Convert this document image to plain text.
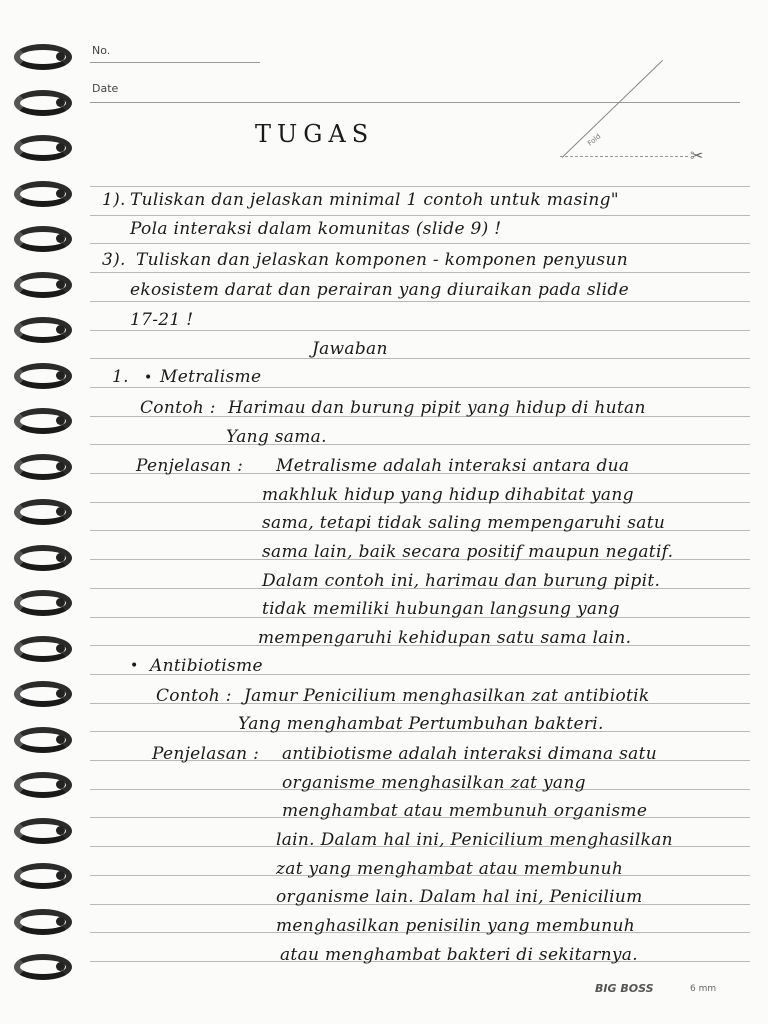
No.
Date
Fold
✂
TUGAS
1). Tuliskan dan jelaskan minimal 1 contoh untuk masing"
Pola interaksi dalam komunitas (slide 9) !
3). Tuliskan dan jelaskan komponen - komponen penyusun
ekosistem darat dan perairan yang diuraikan pada slide
17-21 !
Jawaban
1. • Metralisme
Contoh : Harimau dan burung pipit yang hidup di hutan
Yang sama.
Penjelasan : Metralisme adalah interaksi antara dua
makhluk hidup yang hidup dihabitat yang
sama, tetapi tidak saling mempengaruhi satu
sama lain, baik secara positif maupun negatif.
Dalam contoh ini, harimau dan burung pipit.
tidak memiliki hubungan langsung yang
mempengaruhi kehidupan satu sama lain.
• Antibiotisme
Contoh : Jamur Penicilium menghasilkan zat antibiotik
Yang menghambat Pertumbuhan bakteri.
Penjelasan : antibiotisme adalah interaksi dimana satu
organisme menghasilkan zat yang
menghambat atau membunuh organisme
lain. Dalam hal ini, Penicilium menghasilkan
zat yang menghambat atau membunuh
organisme lain. Dalam hal ini, Penicilium
menghasilkan penisilin yang membunuh
atau menghambat bakteri di sekitarnya.
BIG BOSS	6 mm
